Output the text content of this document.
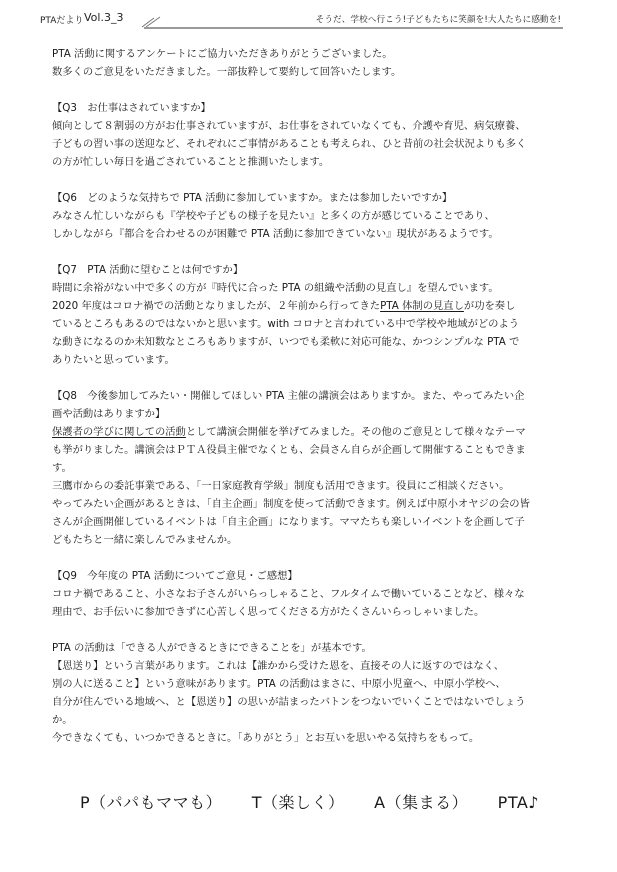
PTAだより Vol.3_3	そうだ、学校へ行こう!子どもたちに笑顔を!大人たちに感動を!

PTA 活動に関するアンケートにご協力いただきありがとうございました。

数多くのご意見をいただきました。一部抜粋して要約して回答いたします。

【Q3　お仕事はされていますか】

傾向として８割弱の方がお仕事されていますが、お仕事をされていなくても、介護や育児、病気療養、

子どもの習い事の送迎など、それぞれにご事情があることも考えられ、ひと昔前の社会状況よりも多く

の方が忙しい毎日を過ごされていることと推測いたします。

【Q6　どのような気持ちで PTA 活動に参加していますか。または参加したいですか】

みなさん忙しいながらも『学校や子どもの様子を見たい』と多くの方が感じていることであり、

しかしながら『都合を合わせるのが困難で PTA 活動に参加できていない』現状があるようです。

【Q7　PTA 活動に望むことは何ですか】

時間に余裕がない中で多くの方が『時代に合った PTA の組織や活動の見直し』を望んでいます。

2020 年度はコロナ禍での活動となりましたが、２年前から行ってきたPTA 体制の見直しが功を奏し

ているところもあるのではないかと思います。with コロナと言われている中で学校や地域がどのよう

な動きになるのか未知数なところもありますが、いつでも柔軟に対応可能な、かつシンプルな PTA で

ありたいと思っています。

【Q8　今後参加してみたい・開催してほしい PTA 主催の講演会はありますか。また、やってみたい企

画や活動はありますか】

保護者の学びに関しての活動として講演会開催を挙げてみました。その他のご意見として様々なテーマ

も挙がりました。講演会はＰＴＡ役員主催でなくとも、会員さん自らが企画して開催することもできま

す。

三鷹市からの委託事業である、「一日家庭教育学級」制度も活用できます。役員にご相談ください。

やってみたい企画があるときは、「自主企画」制度を使って活動できます。例えば中原小オヤジの会の皆

さんが企画開催しているイベントは「自主企画」になります。ママたちも楽しいイベントを企画して子

どもたちと一緒に楽しんでみませんか。

【Q9　今年度の PTA 活動についてご意見・ご感想】

コロナ禍であること、小さなお子さんがいらっしゃること、フルタイムで働いていることなど、様々な

理由で、お手伝いに参加できずに心苦しく思ってくださる方がたくさんいらっしゃいました。

PTA の活動は「できる人ができるときにできることを」が基本です。

【恩送り】という言葉があります。これは【誰かから受けた恩を、直接その人に返すのではなく、

別の人に送ること】という意味があります。PTA の活動はまさに、中原小児童へ、中原小学校へ、

自分が住んでいる地域へ、と【恩送り】の思いが詰まったバトンをつないでいくことではないでしょう

か。

今できなくても、いつかできるときに。「ありがとう」とお互いを思いやる気持ちをもって。

P（パパもママも） T（楽しく） A（集まる） PTA♪
